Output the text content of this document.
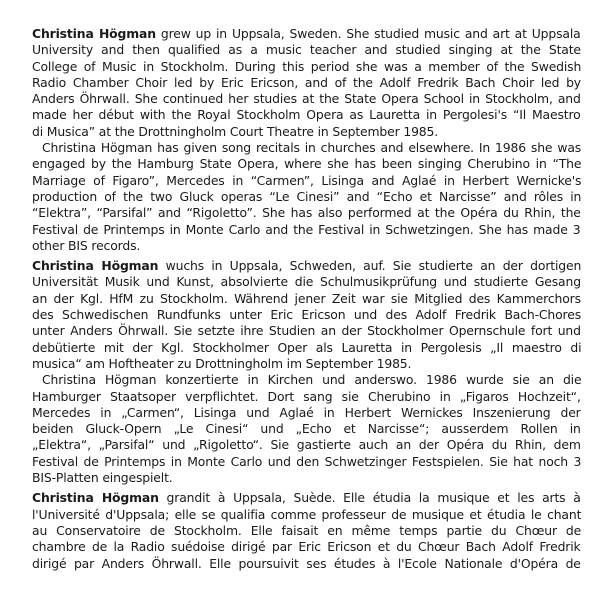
Christina Högman grew up in Uppsala, Sweden. She studied music and art at Uppsala
University and then qualified as a music teacher and studied singing at the State
College of Music in Stockholm. During this period she was a member of the Swedish
Radio Chamber Choir led by Eric Ericson, and of the Adolf Fredrik Bach Choir led by
Anders Öhrwall. She continued her studies at the State Opera School in Stockholm, and
made her début with the Royal Stockholm Opera as Lauretta in Pergolesi's “Il Maestro
di Musica” at the Drottningholm Court Theatre in September 1985.
Christina Högman has given song recitals in churches and elsewhere. In 1986 she was
engaged by the Hamburg State Opera, where she has been singing Cherubino in “The
Marriage of Figaro”, Mercedes in “Carmen”, Lisinga and Aglaé in Herbert Wernicke's
production of the two Gluck operas “Le Cinesi” and “Echo et Narcisse” and rôles in
“Elektra”, “Parsifal” and “Rigoletto”. She has also performed at the Opéra du Rhin, the
Festival de Printemps in Monte Carlo and the Festival in Schwetzingen. She has made 3
other BIS records.
Christina Högman wuchs in Uppsala, Schweden, auf. Sie studierte an der dortigen
Universität Musik und Kunst, absolvierte die Schulmusikprüfung und studierte Gesang
an der Kgl. HfM zu Stockholm. Während jener Zeit war sie Mitglied des Kammerchors
des Schwedischen Rundfunks unter Eric Ericson und des Adolf Fredrik Bach-Chores
unter Anders Öhrwall. Sie setzte ihre Studien an der Stockholmer Opernschule fort und
debütierte mit der Kgl. Stockholmer Oper als Lauretta in Pergolesis „Il maestro di
musica“ am Hoftheater zu Drottningholm im September 1985.
Christina Högman konzertierte in Kirchen und anderswo. 1986 wurde sie an die
Hamburger Staatsoper verpflichtet. Dort sang sie Cherubino in „Figaros Hochzeit“,
Mercedes in „Carmen“, Lisinga und Aglaé in Herbert Wernickes Inszenierung der
beiden Gluck-Opern „Le Cinesi“ und „Echo et Narcisse“; ausserdem Rollen in
„Elektra“, „Parsifal“ und „Rigoletto“. Sie gastierte auch an der Opéra du Rhin, dem
Festival de Printemps in Monte Carlo und den Schwetzinger Festspielen. Sie hat noch 3
BIS-Platten eingespielt.
Christina Högman grandit à Uppsala, Suède. Elle étudia la musique et les arts à
l'Université d'Uppsala; elle se qualifia comme professeur de musique et étudia le chant
au Conservatoire de Stockholm. Elle faisait en même temps partie du Chœur de
chambre de la Radio suédoise dirigé par Eric Ericson et du Chœur Bach Adolf Fredrik
dirigé par Anders Öhrwall. Elle poursuivit ses études à l'Ecole Nationale d'Opéra de
